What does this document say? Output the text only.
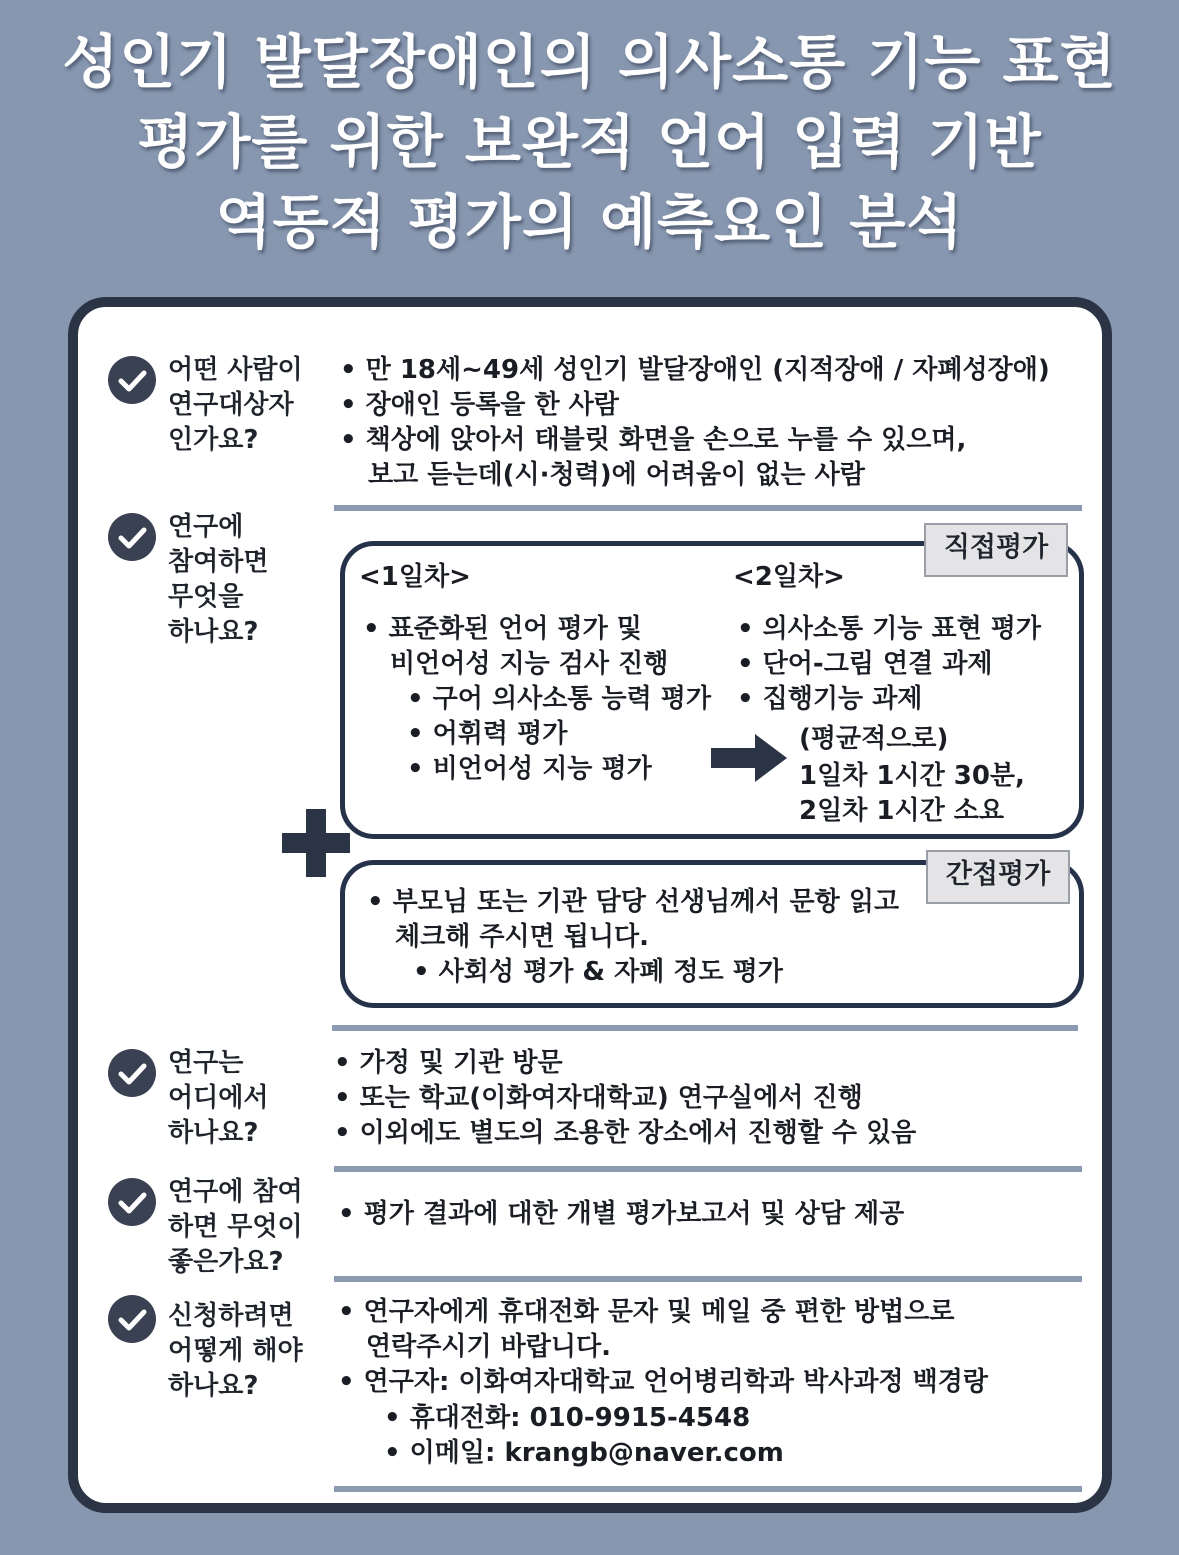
성인기 발달장애인의 의사소통 기능 표현
평가를 위한 보완적 언어 입력 기반
역동적 평가의 예측요인 분석
어떤 사람이
연구대상자
인가요?
• 만 18세~49세 성인기 발달장애인 (지적장애 / 자폐성장애)
• 장애인 등록을 한 사람
• 책상에 앉아서 태블릿 화면을 손으로 누를 수 있으며,
보고 듣는데(시·청력)에 어려움이 없는 사람
연구에
참여하면
무엇을
하나요?
<1일차>
• 표준화된 언어 평가 및
비언어성 지능 검사 진행
• 구어 의사소통 능력 평가
• 어휘력 평가
• 비언어성 지능 평가
<2일차>
• 의사소통 기능 표현 평가
• 단어-그림 연결 과제
• 집행기능 과제
(평균적으로)
1일차 1시간 30분,
2일차 1시간 소요
직접평가
• 부모님 또는 기관 담당 선생님께서 문항 읽고
체크해 주시면 됩니다.
• 사회성 평가 & 자폐 정도 평가
간접평가
연구는
어디에서
하나요?
• 가정 및 기관 방문
• 또는 학교(이화여자대학교) 연구실에서 진행
• 이외에도 별도의 조용한 장소에서 진행할 수 있음
연구에 참여
하면 무엇이
좋은가요?
• 평가 결과에 대한 개별 평가보고서 및 상담 제공
신청하려면
어떻게 해야
하나요?
• 연구자에게 휴대전화 문자 및 메일 중 편한 방법으로
연락주시기 바랍니다.
• 연구자: 이화여자대학교 언어병리학과 박사과정 백경랑
• 휴대전화: 010-9915-4548
• 이메일: krangb@naver.com
